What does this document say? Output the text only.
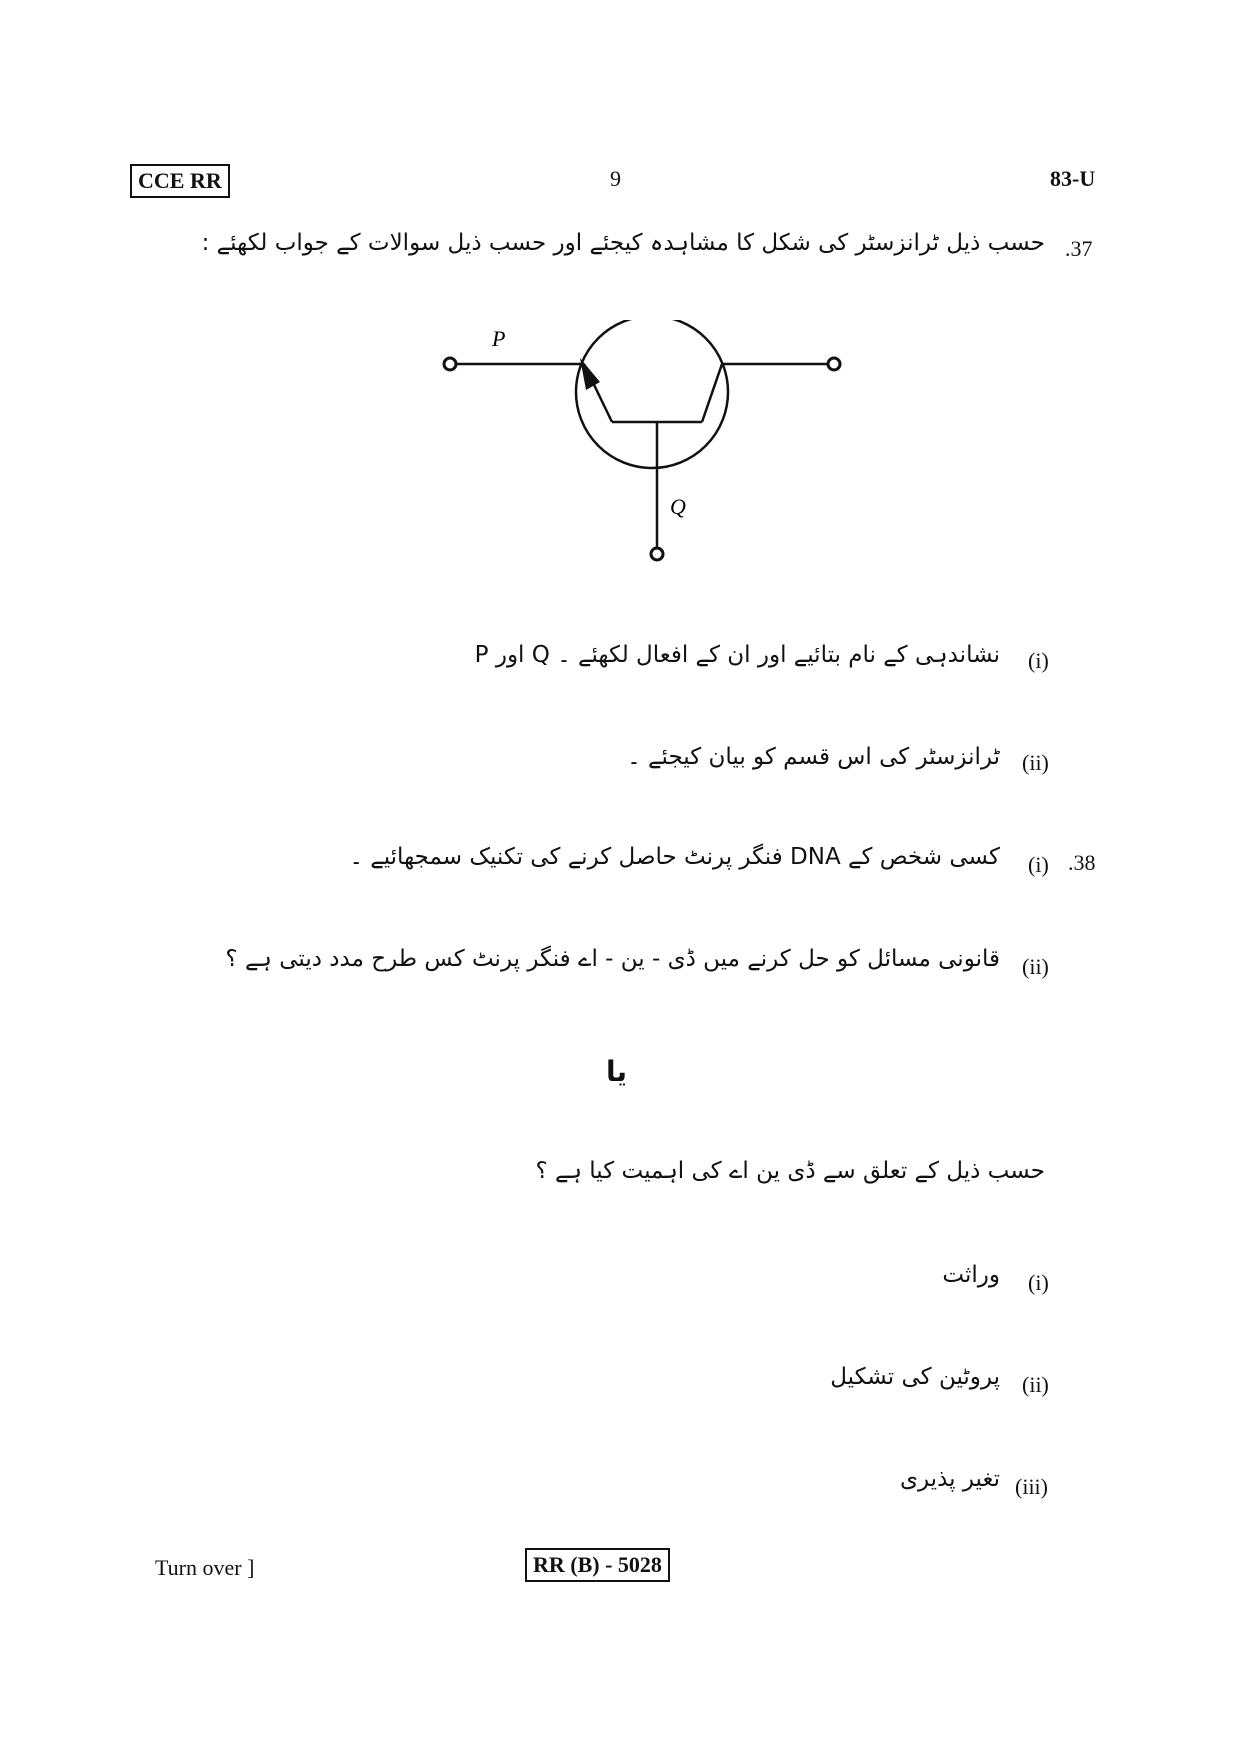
CCE RR	9	83-U
.37
حسب ذیل ٹرانزسٹر کی شکل کا مشاہدہ کیجئے اور حسب ذیل سوالات کے جواب لکھئے :
P
Q
(i)
P اور Q نشاندہی کے نام بتائیے اور ان کے افعال لکھئے ۔
(ii)
ٹرانزسٹر کی اس قسم کو بیان کیجئے ۔
.38
(i)
کسی شخص کے DNA فنگر پرنٹ حاصل کرنے کی تکنیک سمجھائیے ۔
(ii)
قانونی مسائل کو حل کرنے میں ڈی - ین - اے فنگر پرنٹ کس طرح مدد دیتی ہے ؟
یا
حسب ذیل کے تعلق سے ڈی ین اے کی اہمیت کیا ہے ؟
(i)
وراثت
(ii)
پروٹین کی تشکیل
(iii)
تغیر پذیری
Turn over ]	RR (B) - 5028
